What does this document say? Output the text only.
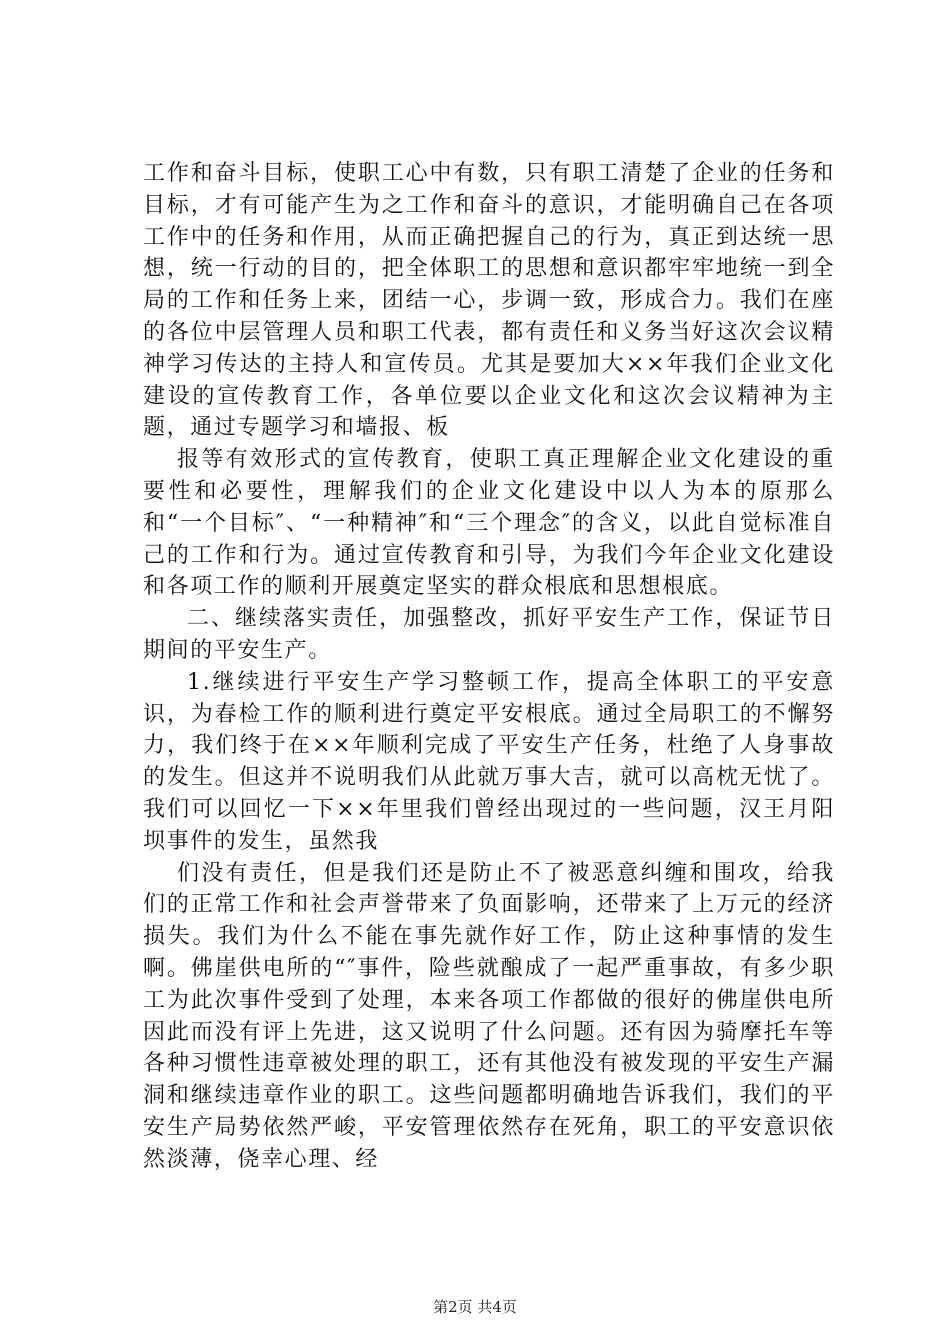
工作和奋斗目标，使职工心中有数，只有职工清楚了企业的任务和目标，才有可能产生为之工作和奋斗的意识，才能明确自己在各项工作中的任务和作用，从而正确把握自己的行为，真正到达统一思想，统一行动的目的，把全体职工的思想和意识都牢牢地统一到全局的工作和任务上来，团结一心，步调一致，形成合力。我们在座的各位中层管理人员和职工代表，都有责任和义务当好这次会议精神学习传达的主持人和宣传员。尤其是要加大××年我们企业文化建设的宣传教育工作，各单位要以企业文化和这次会议精神为主题，通过专题学习和墙报、板

报等有效形式的宣传教育，使职工真正理解企业文化建设的重要性和必要性，理解我们的企业文化建设中以人为本的原那么和“一个目标″、“一种精神″和“三个理念″的含义，以此自觉标准自己的工作和行为。通过宣传教育和引导，为我们今年企业文化建设和各项工作的顺利开展奠定坚实的群众根底和思想根底。

二、继续落实责任，加强整改，抓好平安生产工作，保证节日期间的平安生产。

1.继续进行平安生产学习整顿工作，提高全体职工的平安意识，为春检工作的顺利进行奠定平安根底。通过全局职工的不懈努力，我们终于在××年顺利完成了平安生产任务，杜绝了人身事故的发生。但这并不说明我们从此就万事大吉，就可以高枕无忧了。我们可以回忆一下××年里我们曾经出现过的一些问题，汉王月阳坝事件的发生，虽然我

们没有责任，但是我们还是防止不了被恶意纠缠和围攻，给我们的正常工作和社会声誉带来了负面影响，还带来了上万元的经济损失。我们为什么不能在事先就作好工作，防止这种事情的发生啊。佛崖供电所的“″事件，险些就酿成了一起严重事故，有多少职工为此次事件受到了处理，本来各项工作都做的很好的佛崖供电所因此而没有评上先进，这又说明了什么问题。还有因为骑摩托车等各种习惯性违章被处理的职工，还有其他没有被发现的平安生产漏洞和继续违章作业的职工。这些问题都明确地告诉我们，我们的平安生产局势依然严峻，平安管理依然存在死角，职工的平安意识依然淡薄，侥幸心理、经

第2页 共4页
